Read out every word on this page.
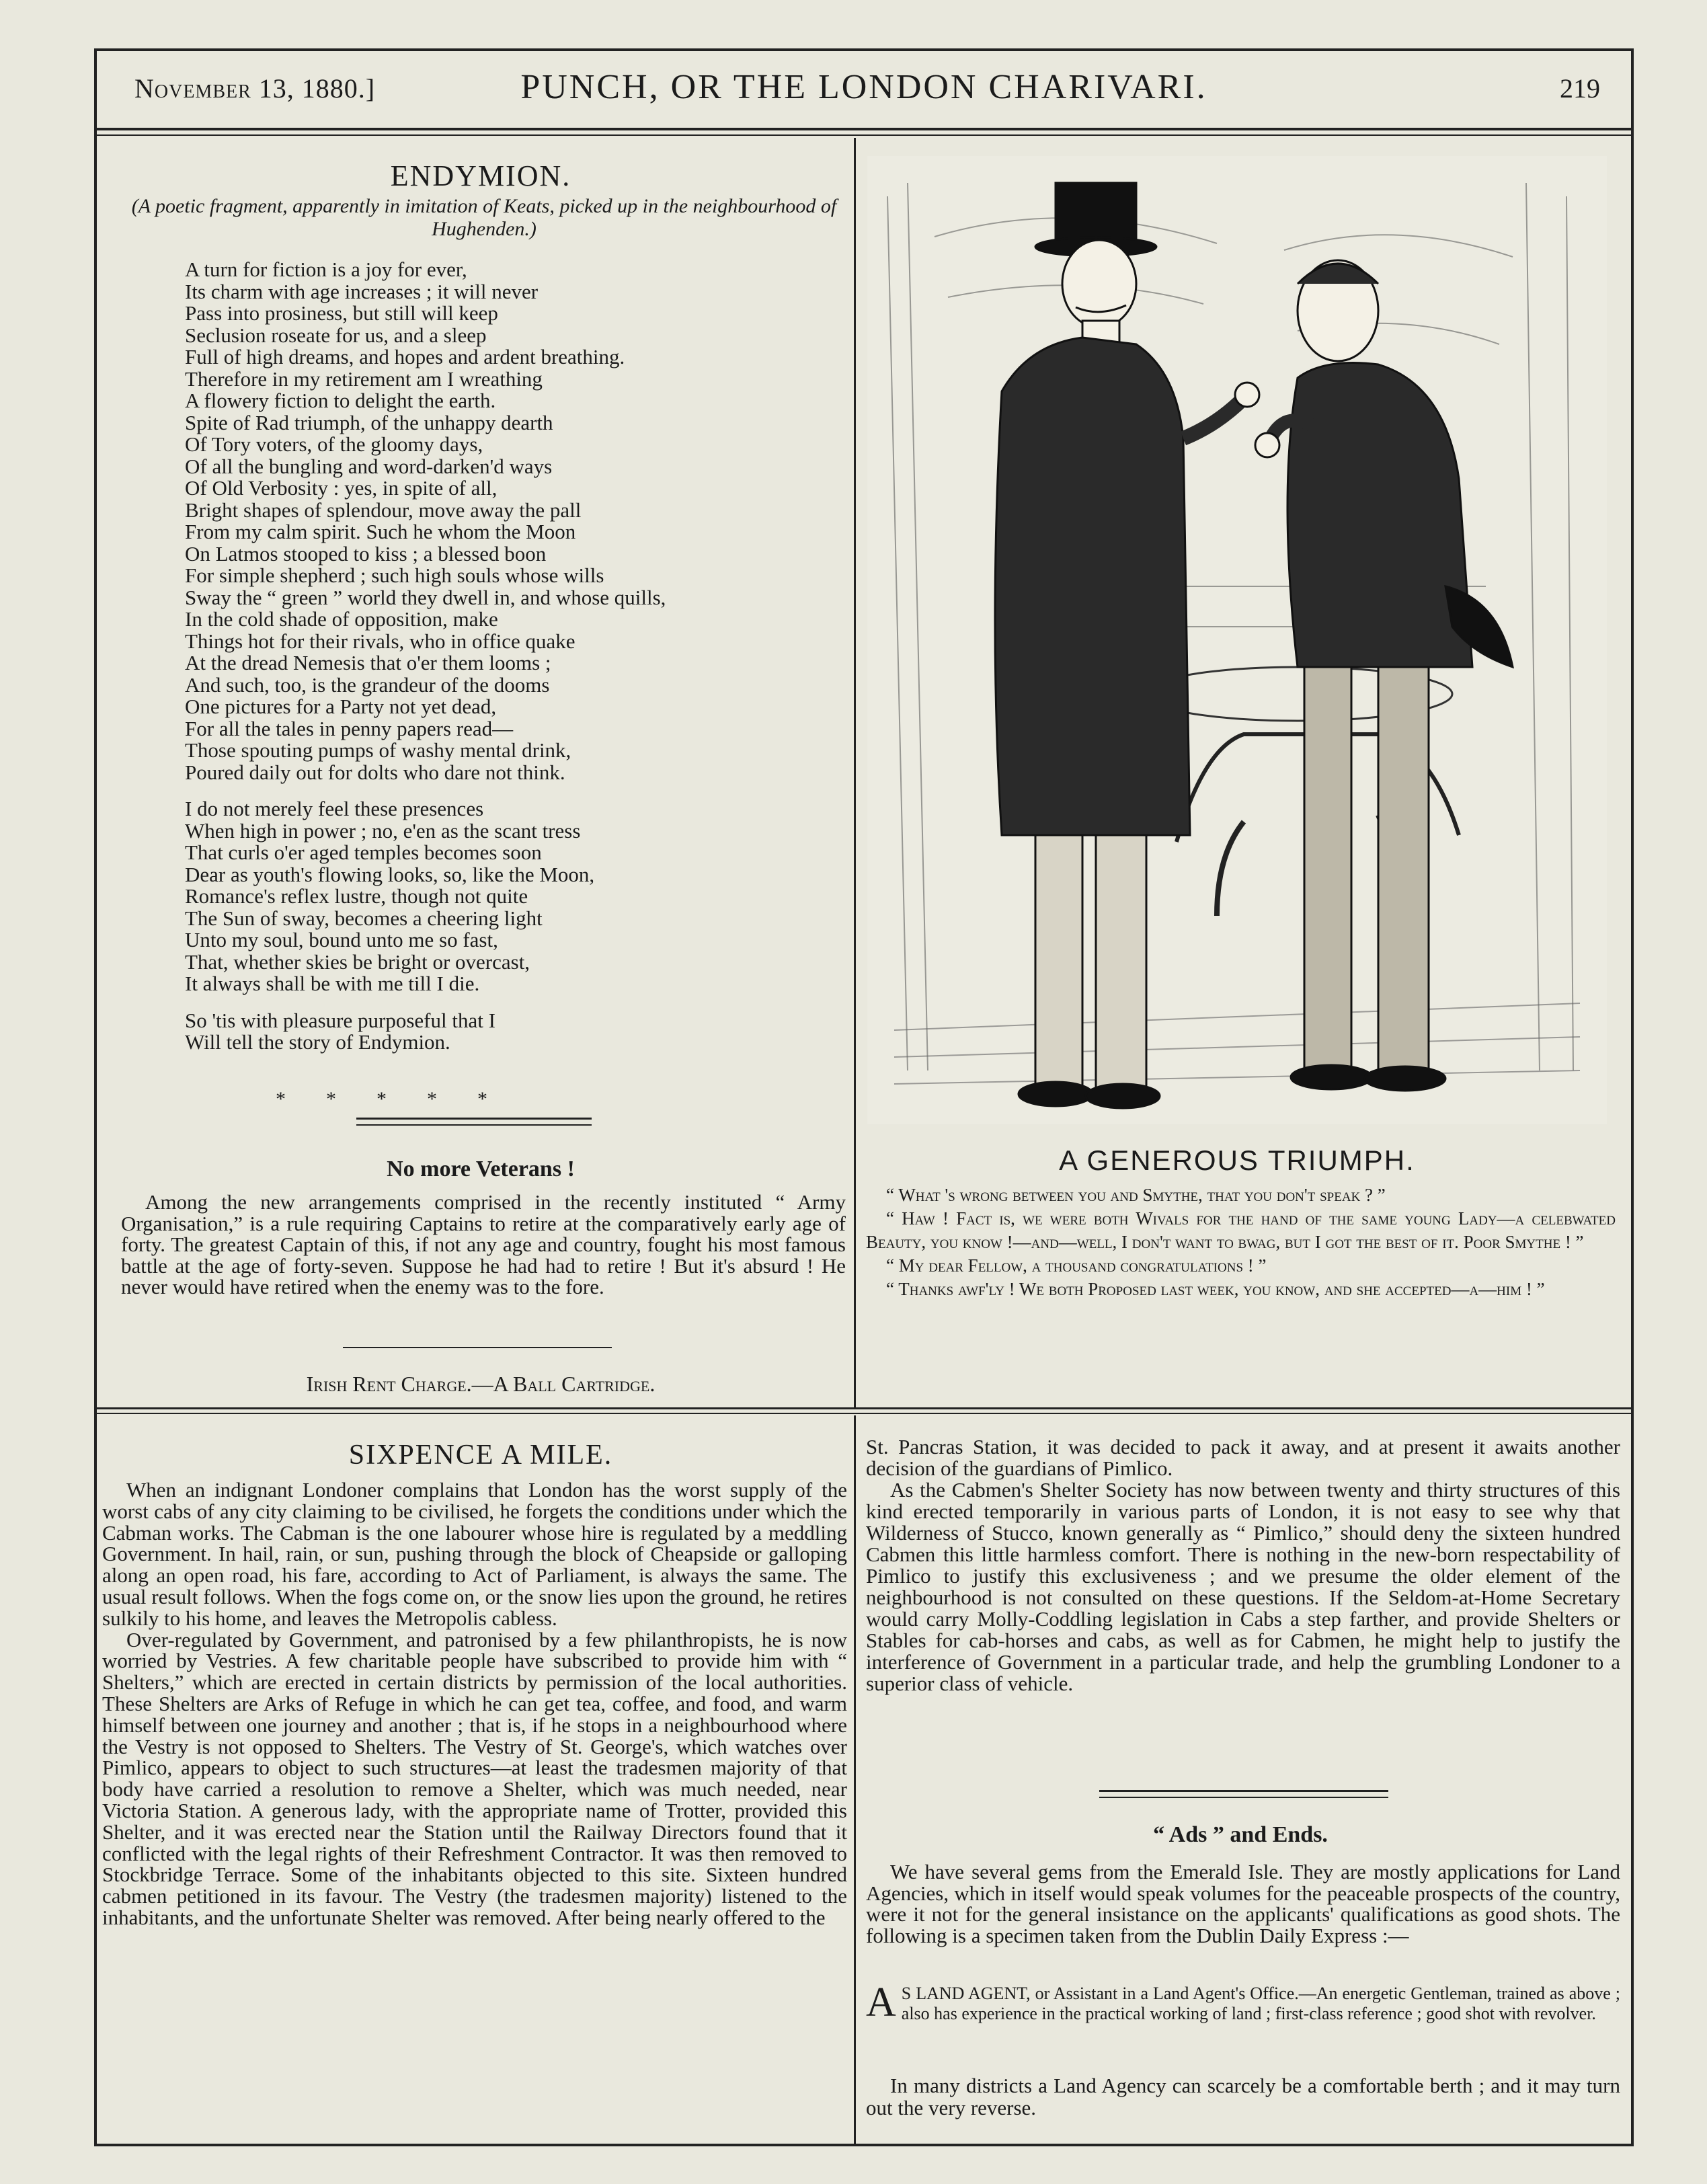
November 13, 1880.]	PUNCH, OR THE LONDON CHARIVARI.	219
ENDYMION.
(A poetic fragment, apparently in imitation of Keats, picked up in the neighbourhood of Hughenden.)
A turn for fiction is a joy for ever,
Its charm with age increases ; it will never
Pass into prosiness, but still will keep
Seclusion roseate for us, and a sleep
Full of high dreams, and hopes and ardent breathing.
Therefore in my retirement am I wreathing
A flowery fiction to delight the earth.
Spite of Rad triumph, of the unhappy dearth
Of Tory voters, of the gloomy days,
Of all the bungling and word-darken'd ways
Of Old Verbosity : yes, in spite of all,
Bright shapes of splendour, move away the pall
From my calm spirit. Such he whom the Moon
On Latmos stooped to kiss ; a blessed boon
For simple shepherd ; such high souls whose wills
Sway the “ green ” world they dwell in, and whose quills,
In the cold shade of opposition, make
Things hot for their rivals, who in office quake
At the dread Nemesis that o'er them looms ;
And such, too, is the grandeur of the dooms
One pictures for a Party not yet dead,
For all the tales in penny papers read—
Those spouting pumps of washy mental drink,
Poured daily out for dolts who dare not think.
I do not merely feel these presences
When high in power ; no, e'en as the scant tress
That curls o'er aged temples becomes soon
Dear as youth's flowing looks, so, like the Moon,
Romance's reflex lustre, though not quite
The Sun of sway, becomes a cheering light
Unto my soul, bound unto me so fast,
That, whether skies be bright or overcast,
It always shall be with me till I die.
So 'tis with pleasure purposeful that I
Will tell the story of Endymion.
*        *        *        *        *
No more Veterans !

Among the new arrangements comprised in the recently instituted “ Army Organisation,” is a rule requiring Captains to retire at the comparatively early age of forty. The greatest Captain of this, if not any age and country, fought his most famous battle at the age of forty-seven. Suppose he had had to retire ! But it's absurd ! He never would have retired when the enemy was to the fore.

Irish Rent Charge.—A Ball Cartridge.
A GENEROUS TRIUMPH.

“ What 's wrong between you and Smythe, that you don't speak ? ”

“ Haw ! Fact is, we were both Wivals for the hand of the same young Lady—a celebwated Beauty, you know !—and—well, I don't want to bwag, but I got the best of it. Poor Smythe ! ”

“ My dear Fellow, a thousand congratulations ! ”

“ Thanks awf'ly ! We both Proposed last week, you know, and she accepted—a—him ! ”

SIXPENCE A MILE.

When an indignant Londoner complains that London has the worst supply of the worst cabs of any city claiming to be civilised, he forgets the conditions under which the Cabman works. The Cabman is the one labourer whose hire is regulated by a meddling Government. In hail, rain, or sun, pushing through the block of Cheapside or galloping along an open road, his fare, according to Act of Parliament, is always the same. The usual result follows. When the fogs come on, or the snow lies upon the ground, he retires sulkily to his home, and leaves the Metropolis cabless.

Over-regulated by Government, and patronised by a few philanthropists, he is now worried by Vestries. A few charitable people have subscribed to provide him with “ Shelters,” which are erected in certain districts by permission of the local authorities. These Shelters are Arks of Refuge in which he can get tea, coffee, and food, and warm himself between one journey and another ; that is, if he stops in a neighbourhood where the Vestry is not opposed to Shelters. The Vestry of St. George's, which watches over Pimlico, appears to object to such structures—at least the tradesmen majority of that body have carried a resolution to remove a Shelter, which was much needed, near Victoria Station. A generous lady, with the appropriate name of Trotter, provided this Shelter, and it was erected near the Station until the Railway Directors found that it conflicted with the legal rights of their Refreshment Contractor. It was then removed to Stockbridge Terrace. Some of the inhabitants objected to this site. Sixteen hundred cabmen petitioned in its favour. The Vestry (the tradesmen majority) listened to the inhabitants, and the unfortunate Shelter was removed. After being nearly offered to the

St. Pancras Station, it was decided to pack it away, and at present it awaits another decision of the guardians of Pimlico.

As the Cabmen's Shelter Society has now between twenty and thirty structures of this kind erected temporarily in various parts of London, it is not easy to see why that Wilderness of Stucco, known generally as “ Pimlico,” should deny the sixteen hundred Cabmen this little harmless comfort. There is nothing in the new-born respectability of Pimlico to justify this exclusiveness ; and we presume the older element of the neighbourhood is not consulted on these questions. If the Seldom-at-Home Secretary would carry Molly-Coddling legislation in Cabs a step farther, and provide Shelters or Stables for cab-horses and cabs, as well as for Cabmen, he might help to justify the interference of Government in a particular trade, and help the grumbling Londoner to a superior class of vehicle.

“ Ads ” and Ends.

We have several gems from the Emerald Isle. They are mostly applications for Land Agencies, which in itself would speak volumes for the peaceable prospects of the country, were it not for the general insistance on the applicants' qualifications as good shots. The following is a specimen taken from the Dublin Daily Express :—

A S LAND AGENT, or Assistant in a Land Agent's Office.—An energetic Gentleman, trained as above ; also has experience in the practical working of land ; first-class reference ; good shot with revolver.

In many districts a Land Agency can scarcely be a comfortable berth ; and it may turn out the very reverse.
